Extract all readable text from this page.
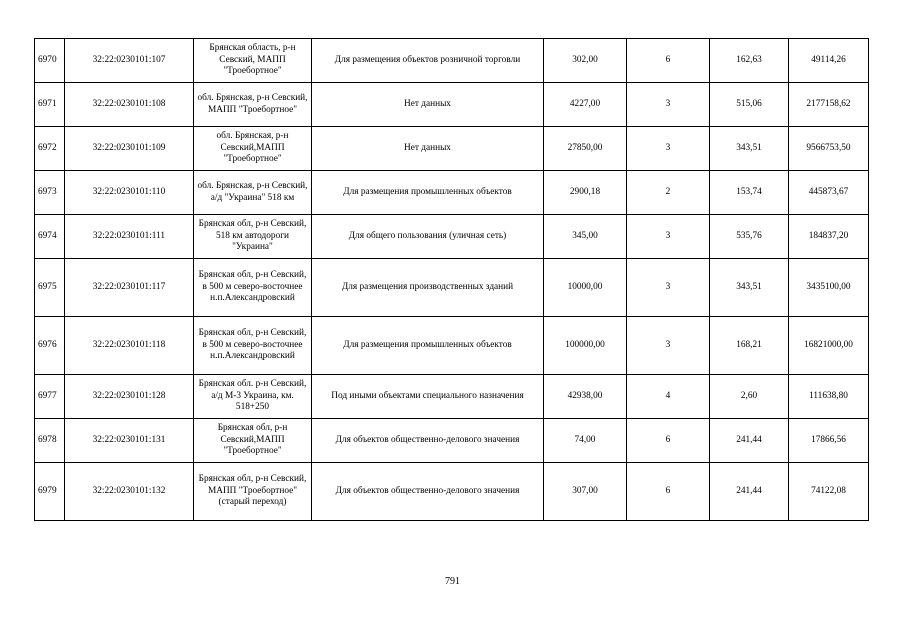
6970	32:22:0230101:107	Брянская область, р-н Севский, МАПП "Троебортное"	Для размещения объектов розничной торговли	302,00	6	162,63	49114,26
6971	32:22:0230101:108	обл. Брянская, р-н Севский, МАПП "Троебортное"	Нет данных	4227,00	3	515,06	2177158,62
6972	32:22:0230101:109	обл. Брянская, р-н Севский,МАПП "Троебортное"	Нет данных	27850,00	3	343,51	9566753,50
6973	32:22:0230101:110	обл. Брянская, р-н Севский, а/д "Украина" 518 км	Для размещения промышленных объектов	2900,18	2	153,74	445873,67
6974	32:22:0230101:111	Брянская обл, р-н Севский, 518 км автодороги "Украина"	Для общего пользования (уличная сеть)	345,00	3	535,76	184837,20
6975	32:22:0230101:117	Брянская обл, р-н Севский, в 500 м северо-восточнее н.п.Александровский	Для размещения производственных зданий	10000,00	3	343,51	3435100,00
6976	32:22:0230101:118	Брянская обл, р-н Севский, в 500 м северо-восточнее н.п.Александровский	Для размещения промышленных объектов	100000,00	3	168,21	16821000,00
6977	32:22:0230101:128	Брянская обл. р-н Севский, а/д М-3 Украина, км. 518+250	Под иными объектами специального назначения	42938,00	4	2,60	111638,80
6978	32:22:0230101:131	Брянская обл, р-н Севский,МАПП "Троебортное"	Для объектов общественно-делового значения	74,00	6	241,44	17866,56
6979	32:22:0230101:132	Брянская обл, р-н Севский, МАПП "Троебортное" (старый переход)	Для объектов общественно-делового значения	307,00	6	241,44	74122,08
791
